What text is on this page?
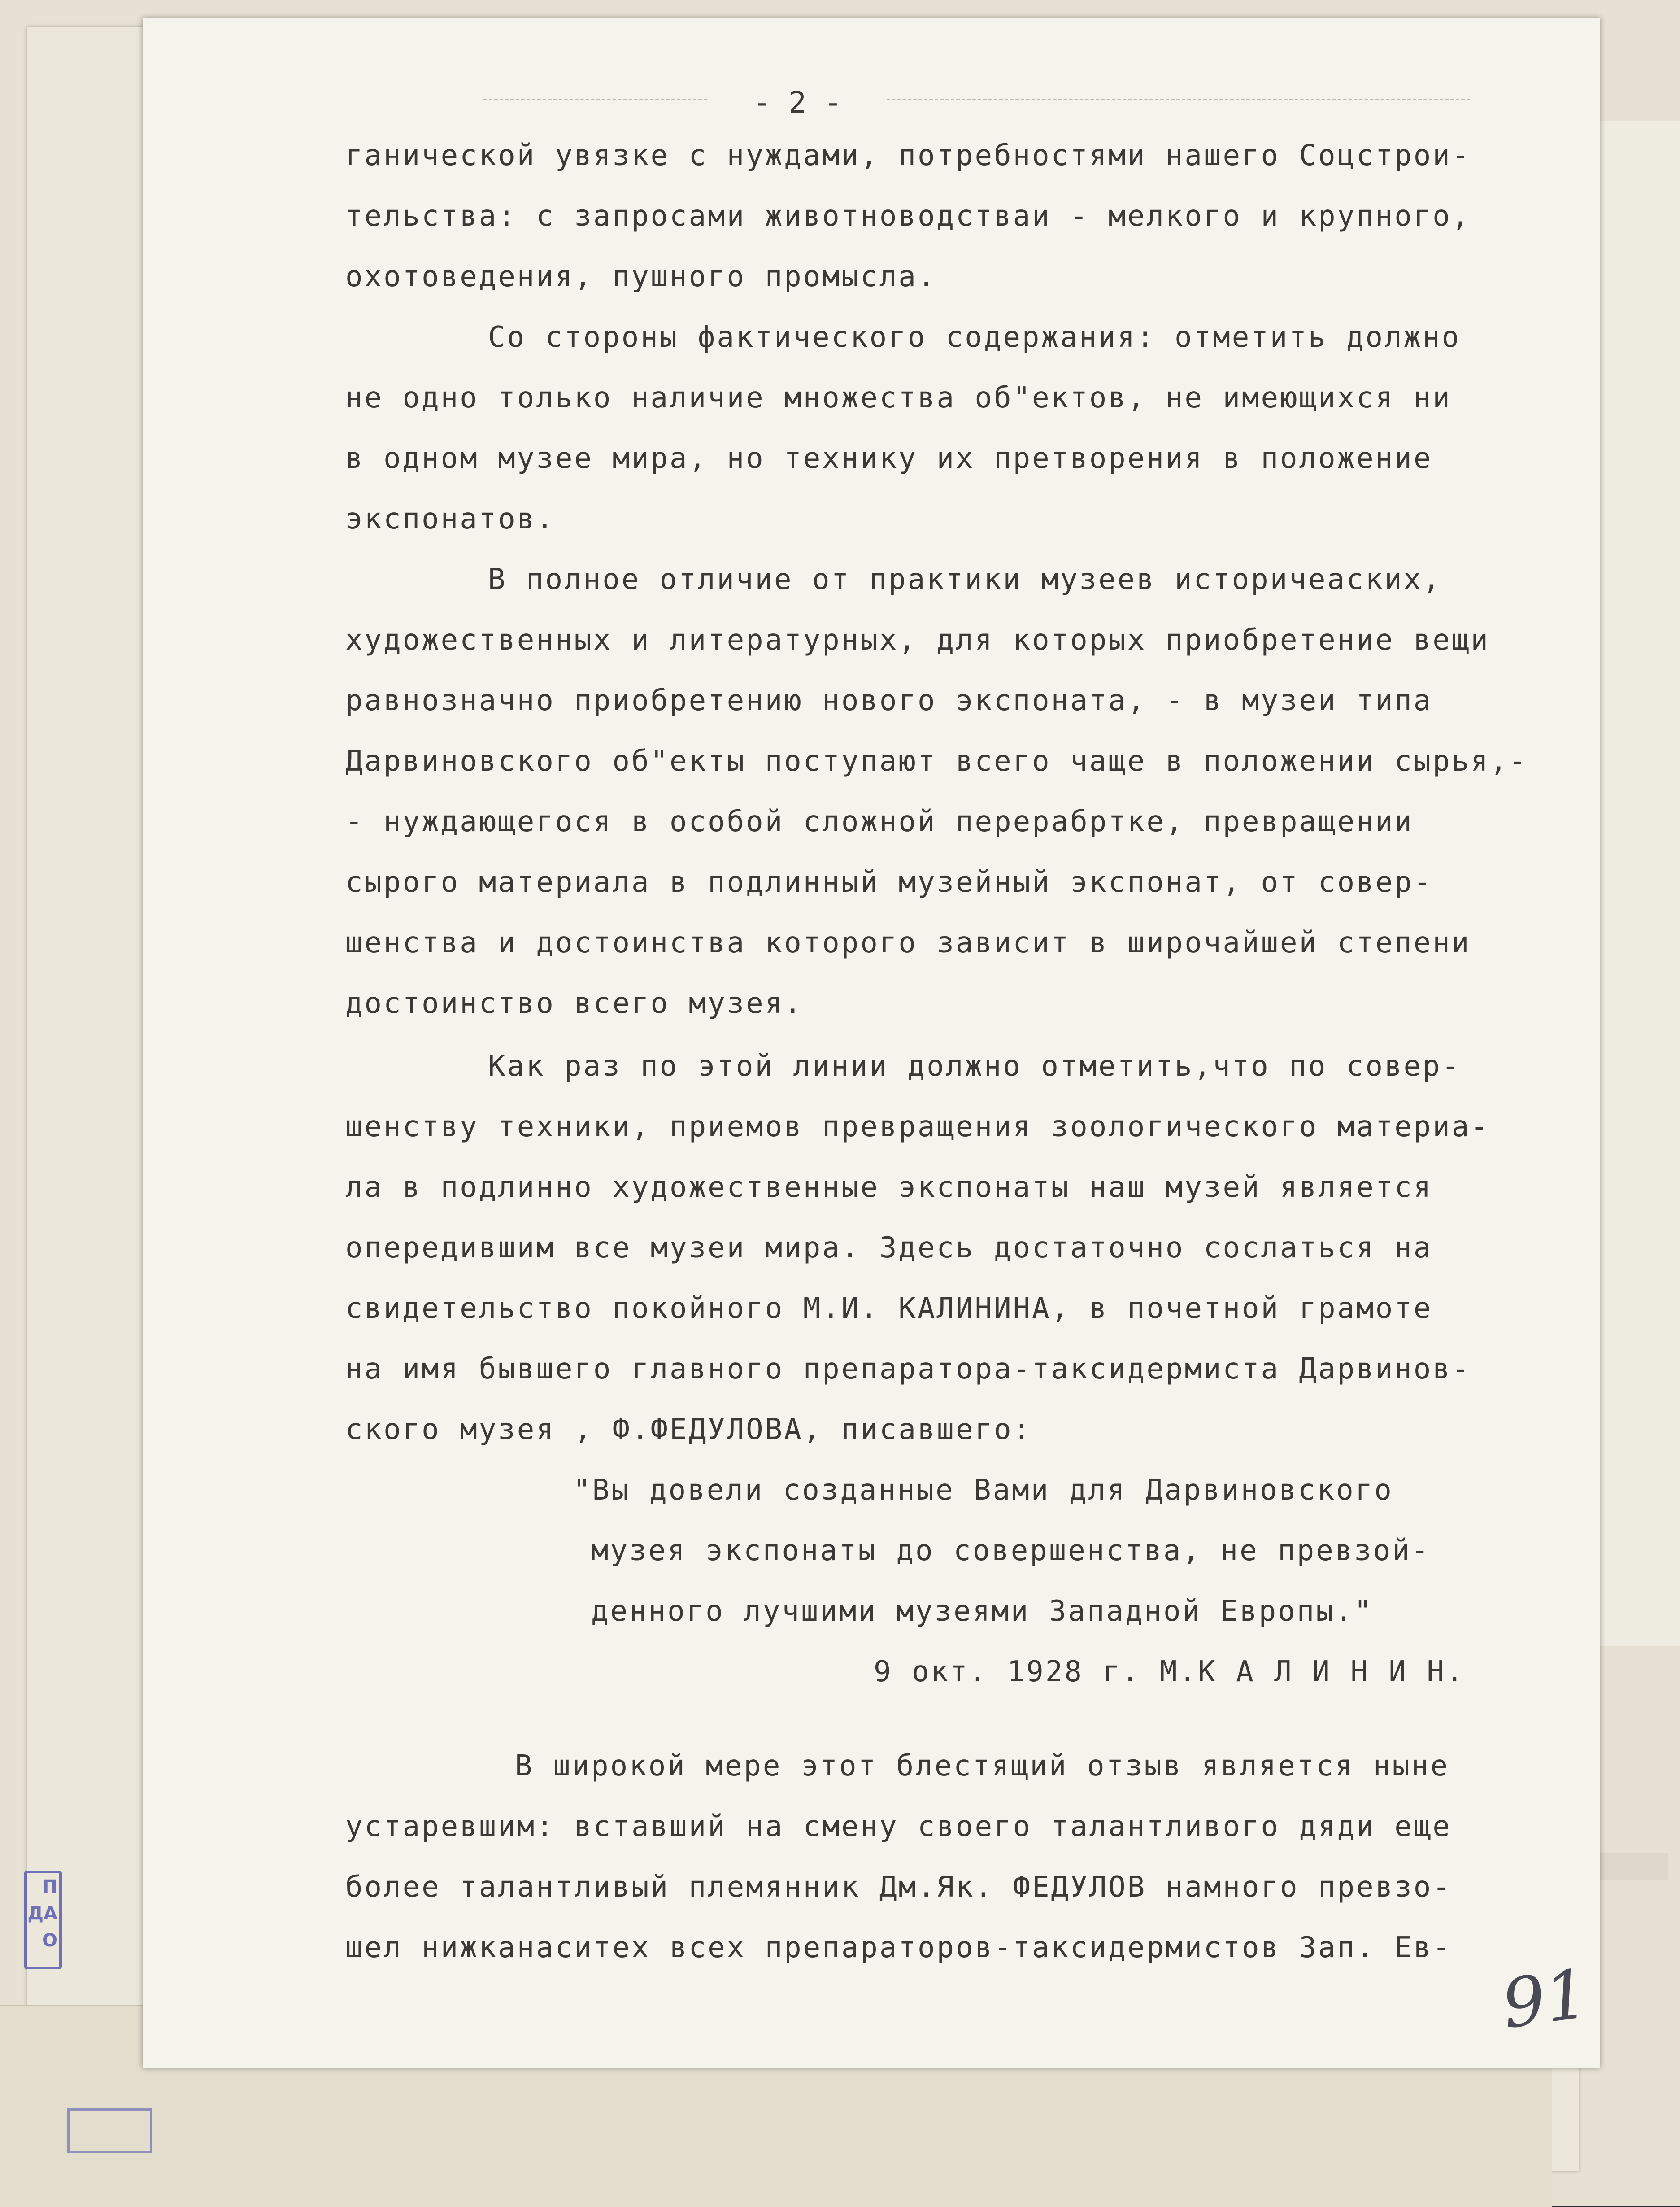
П
ДА
О
- 2 -
ганической увязке с нуждами, потребностями нашего Соцстрои-
тельства: с запросами животноводстваи - мелкого и крупного,
охотоведения, пушного промысла.
Со стороны фактического содержания: отметить должно
не одно только наличие множества об"ектов, не имеющихся ни
в одном музее мира, но технику их претворения в положение
экспонатов.
В полное отличие от практики музеев историчеаских,
художественных и литературных, для которых приобретение вещи
равнозначно приобретению нового экспоната, - в музеи типа
Дарвиновского об"екты поступают всего чаще в положении сырья,-
- нуждающегося в особой сложной перерабртке, превращении
сырого материала в подлинный музейный экспонат, от совер-
шенства и достоинства которого зависит в широчайшей степени
достоинство всего музея.
Как раз по этой линии должно отметить,что по совер-
шенству техники, приемов превращения зоологического материа-
ла в подлинно художественные экспонаты наш музей является
опередившим все музеи мира. Здесь достаточно сослаться на
свидетельство покойного М.И. КАЛИНИНА, в почетной грамоте
на имя бывшего главного препаратора-таксидермиста Дарвинов-
ского музея , Ф.ФЕДУЛОВА, писавшего:
"Вы довели созданные Вами для Дарвиновского
музея экспонаты до совершенства, не превзой-
денного лучшими музеями Западной Европы."
9 окт. 1928 г. М.К А Л И Н И Н.
В широкой мере этот блестящий отзыв является ныне
устаревшим: вставший на смену своего талантливого дяди еще
более талантливый племянник Дм.Як. ФЕДУЛОВ намного превзо-
шел нижканаситех всех препараторов-таксидермистов Зап. Ев-
91
